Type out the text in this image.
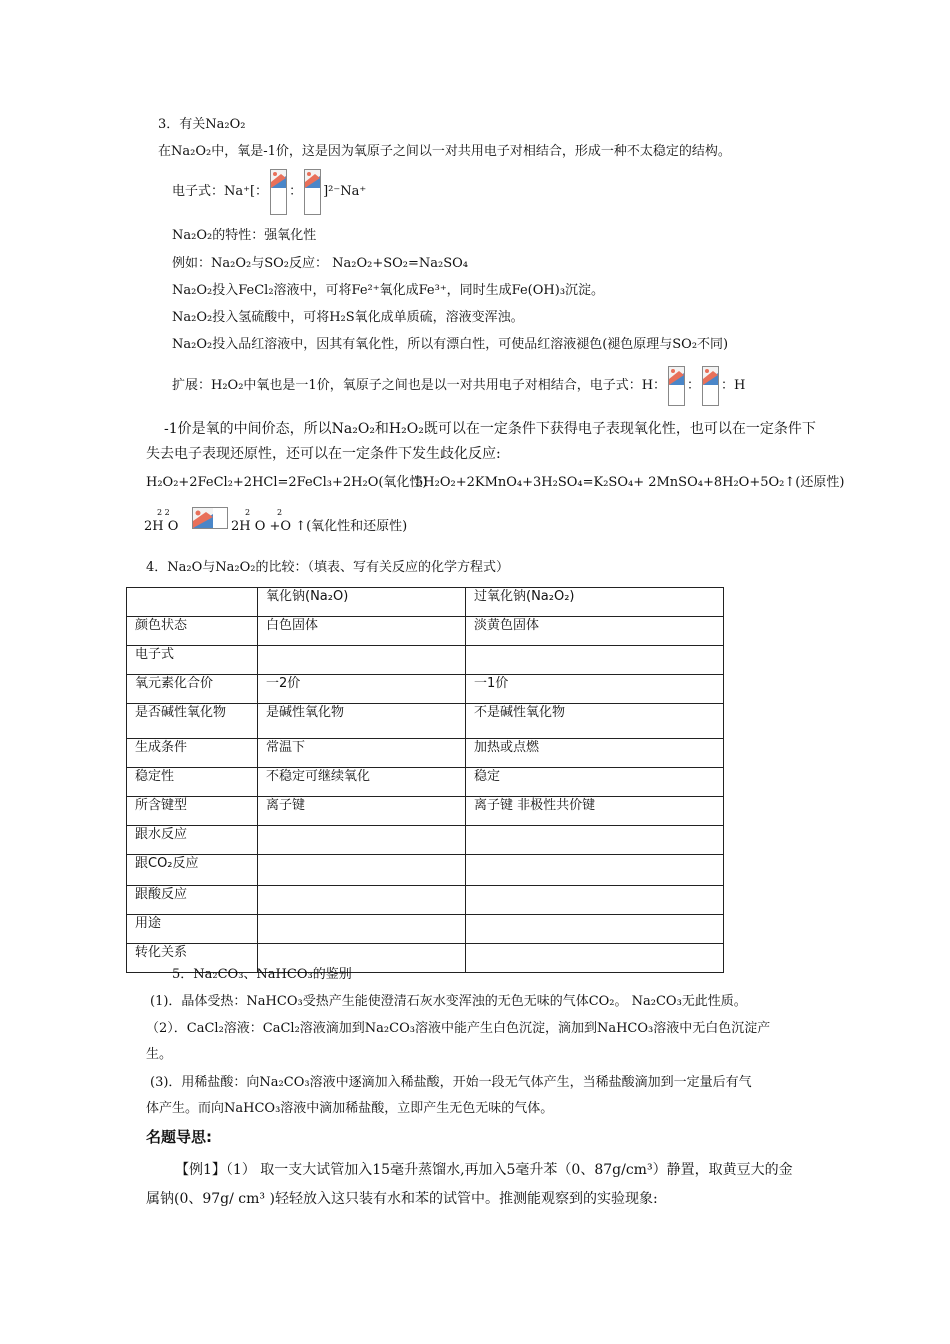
3．有关Na₂O₂
在Na₂O₂中，氧是-1价，这是因为氧原子之间以一对共用电子对相结合，形成一种不太稳定的结构。
电子式：Na⁺[： ： ]²⁻Na⁺
Na₂O₂的特性：强氧化性
例如：Na₂O₂与SO₂反应： Na₂O₂+SO₂=Na₂SO₄
Na₂O₂投入FeCl₂溶液中，可将Fe²⁺氧化成Fe³⁺，同时生成Fe(OH)₃沉淀。
Na₂O₂投入氢硫酸中，可将H₂S氧化成单质硫，溶液变浑浊。
Na₂O₂投入品红溶液中，因其有氧化性，所以有漂白性，可使品红溶液褪色(褪色原理与SO₂不同)
扩展：H₂O₂中氧也是一1价，氧原子之间也是以一对共用电子对相结合，电子式：H： ： ：H
-1价是氧的中间价态，所以Na₂O₂和H₂O₂既可以在一定条件下获得电子表现氧化性，也可以在一定条件下
失去电子表现还原性，还可以在一定条件下发生歧化反应:
H₂O₂+2FeCl₂+2HCl=2FeCl₃+2H₂O(氧化性)
5H₂O₂+2KMnO₄+3H₂SO₄=K₂SO₄+ 2MnSO₄+8H₂O+5O₂↑(还原性)
2 2
2H O
2	2
2H O +O ↑(氧化性和还原性)
4．Na₂O与Na₂O₂的比较：（填表、写有关反应的化学方程式）
	氧化钠(Na₂O)	过氧化钠(Na₂O₂)
颜色状态	白色固体	淡黄色固体
电子式		
氧元素化合价	一2价	一1价
是否碱性氧化物	是碱性氧化物	不是碱性氧化物
生成条件	常温下	加热或点燃
稳定性	不稳定可继续氧化	稳定
所含键型	离子键	离子键 非极性共价键
跟水反应		
跟CO₂反应		
跟酸反应		
用途		
转化关系		
5．Na₂CO₃、NaHCO₃的鉴别
(1)．晶体受热：NaHCO₃受热产生能使澄清石灰水变浑浊的无色无味的气体CO₂。 Na₂CO₃无此性质。
（2）．CaCl₂溶液：CaCl₂溶液滴加到Na₂CO₃溶液中能产生白色沉淀，滴加到NaHCO₃溶液中无白色沉淀产
生。
(3)．用稀盐酸：向Na₂CO₃溶液中逐滴加入稀盐酸，开始一段无气体产生，当稀盐酸滴加到一定量后有气
体产生。而向NaHCO₃溶液中滴加稀盐酸，立即产生无色无味的气体。
名题导思:
【例1】（1） 取一支大试管加入15毫升蒸馏水,再加入5毫升苯（0、87g/cm³）静置，取黄豆大的金
属钠(0、97g/ cm³ )轻轻放入这只装有水和苯的试管中。推测能观察到的实验现象:
